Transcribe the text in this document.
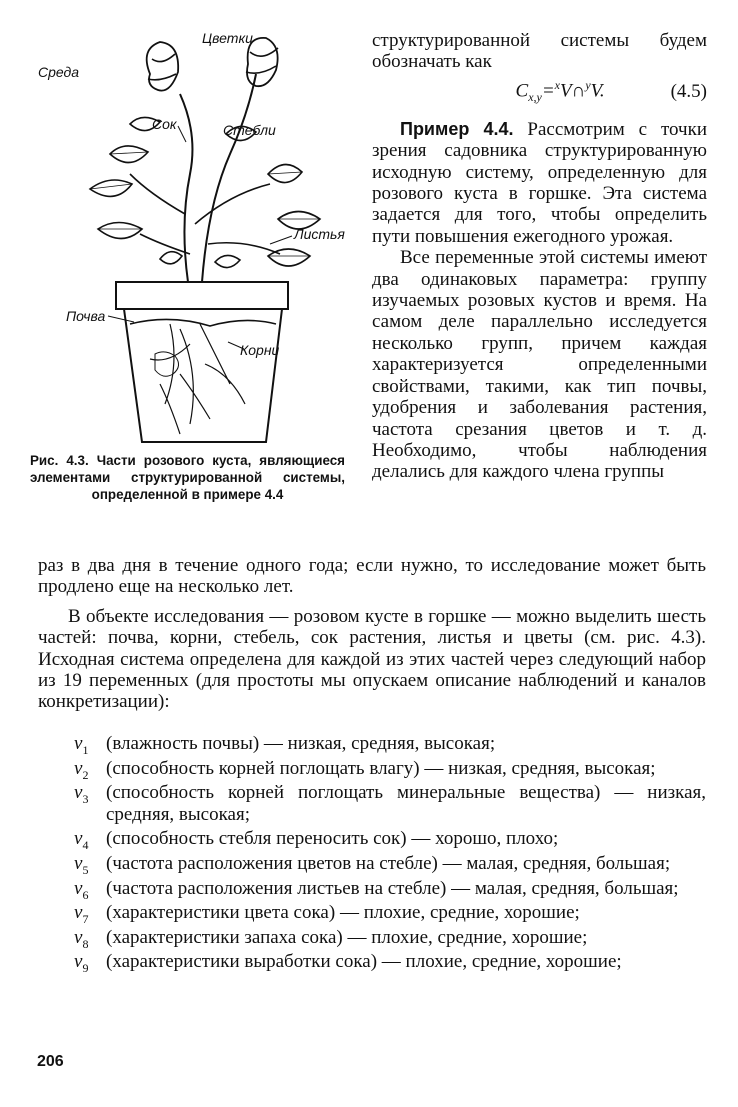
Среда
Цветки
Сок	Стебли
Листья
Почва
Корни
Рис. 4.3. Части розового куста, являющиеся элементами структурированной системы, определенной в примере 4.4

структурированной системы будем обозначать как

$C_{x,y}=^xV\cap^yV$.	(4.5)

Пример 4.4. Рассмотрим с точки зрения садовника структурированную исходную систему, определенную для розового куста в горшке. Эта система задается для того, чтобы определить пути повышения ежегодного урожая.

Все переменные этой системы имеют два одинаковых параметра: группу изучаемых розовых кустов и время. На самом деле параллельно исследуется несколько групп, причем каждая характеризуется определенными свойствами, такими, как тип почвы, удобрения и заболевания растения, частота срезания цветов и т. д. Необходимо, чтобы наблюдения делались для каждого члена группы

раз в два дня в течение одного года; если нужно, то исследование может быть продлено еще на несколько лет.

В объекте исследования — розовом кусте в горшке — можно выделить шесть частей: почва, корни, стебель, сок растения, листья и цветы (см. рис. 4.3). Исходная система определена для каждой из этих частей через следующий набор из 19 переменных (для простоты мы опускаем описание наблюдений и каналов конкретизации):

$v_1$ (влажность почвы) — низкая, средняя, высокая;
$v_2$ (способность корней поглощать влагу) — низкая, средняя, высокая;
$v_3$ (способность корней поглощать минеральные вещества) — низкая, средняя, высокая;
$v_4$ (способность стебля переносить сок) — хорошо, плохо;
$v_5$ (частота расположения цветов на стебле) — малая, средняя, большая;
$v_6$ (частота расположения листьев на стебле) — малая, средняя, большая;
$v_7$ (характеристики цвета сока) — плохие, средние, хорошие;
$v_8$ (характеристики запаха сока) — плохие, средние, хорошие;
$v_9$ (характеристики выработки сока) — плохие, средние, хорошие;
206
